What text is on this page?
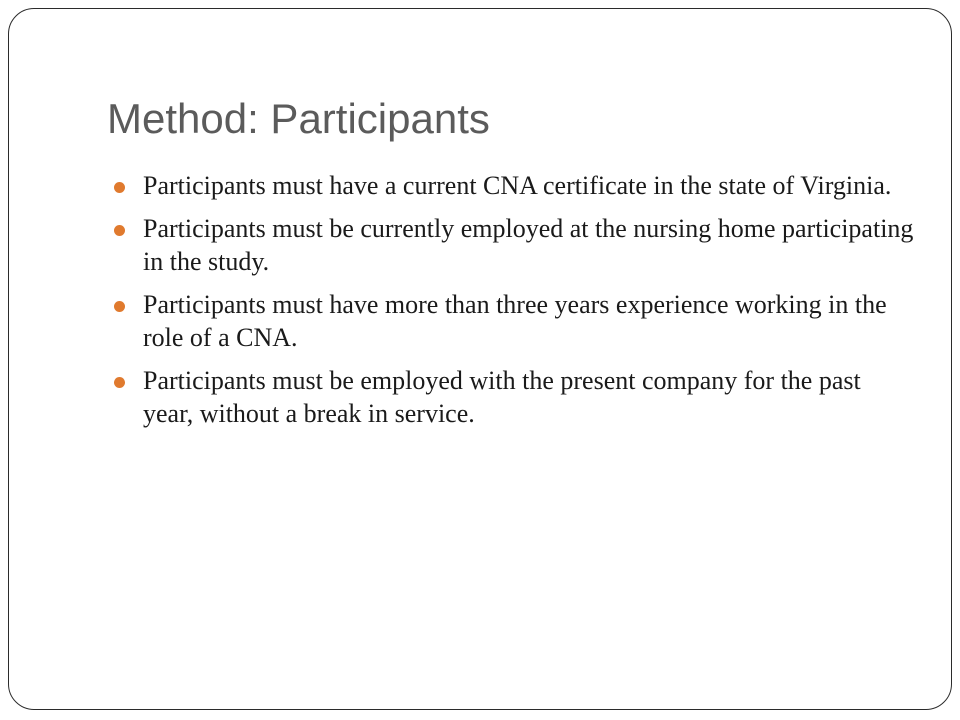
Method: Participants
Participants must have a current CNA certificate in the state of Virginia.
Participants must be currently employed at the nursing home participating in the study.
Participants must have more than three years experience working in the role of a CNA.
Participants must be employed with the present company for the past year, without a break in service.
